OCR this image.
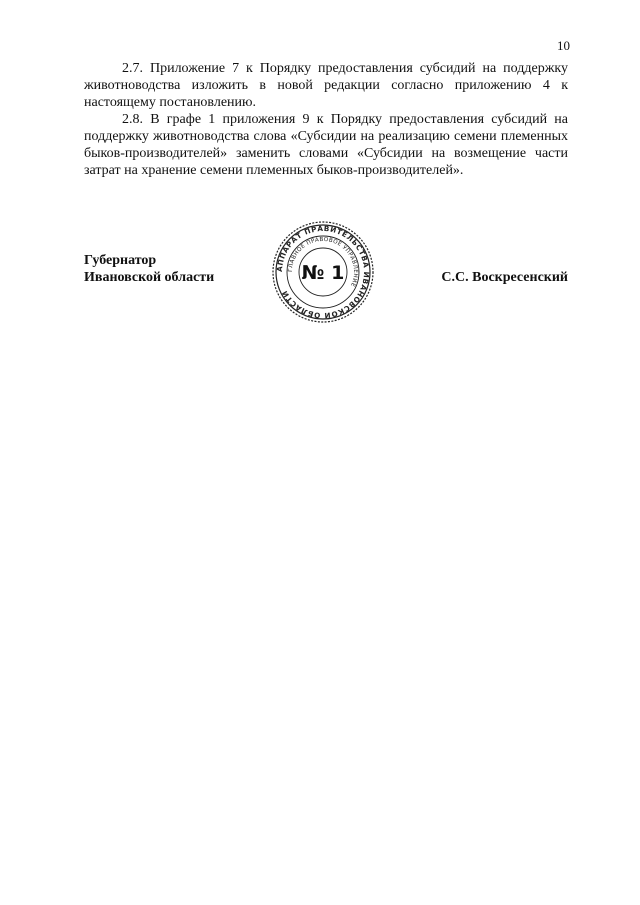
10

2.7. Приложение 7 к Порядку предоставления субсидий на поддержку животноводства изложить в новой редакции согласно приложению 4 к настоящему постановлению.

2.8. В графе 1 приложения 9 к Порядку предоставления субсидий на поддержку животноводства слова «Субсидии на реализацию семени племенных быков-производителей» заменить словами «Субсидии на возмещение части затрат на хранение семени племенных быков-производителей».

Губернатор
Ивановской области
АППАРАТ ПРАВИТЕЛЬСТВА ИВАНОВСКОЙ ОБЛАСТИ
ГЛАВНОЕ ПРАВОВОЕ УПРАВЛЕНИЕ
№ 1	С.С. Воскресенский
